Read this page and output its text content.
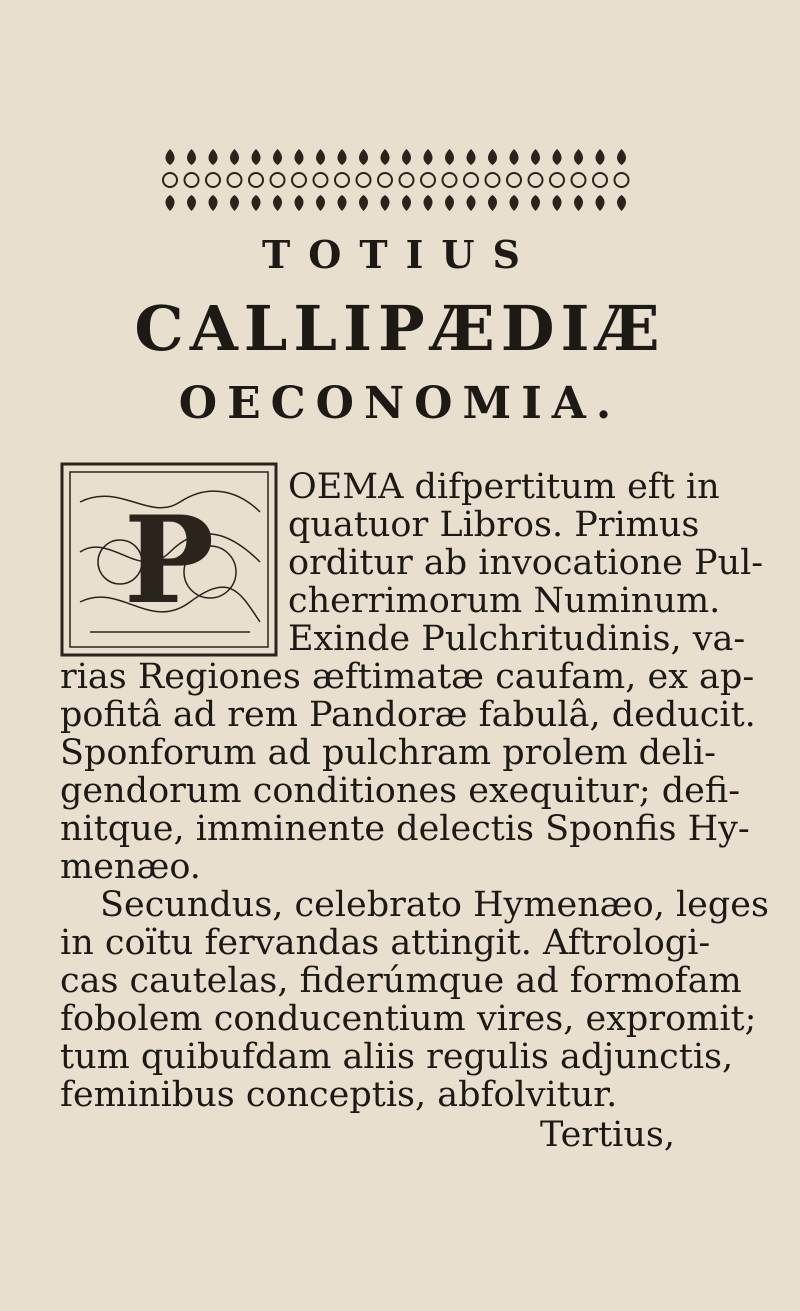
TOTIUS
CALLIPÆDIÆ
OECONOMIA.
P
OEMA difpertitum eft in
quatuor Libros. Primus
orditur ab invocatione Pul-
cherrimorum Numinum.
Exinde Pulchritudinis, va-
rias Regiones æftimatæ caufam, ex ap-
pofitâ ad rem Pandoræ fabulâ, deducit.
Sponforum ad pulchram prolem deli-
gendorum conditiones exequitur; defi-
nitque, imminente delectis Sponfis Hy-
menæo.
Secundus, celebrato Hymenæo, leges
in coïtu fervandas attingit. Aftrologi-
cas cautelas, fiderúmque ad formofam
fobolem conducentium vires, expromit;
tum quibufdam aliis regulis adjunctis,
feminibus conceptis, abfolvitur.
Tertius,
